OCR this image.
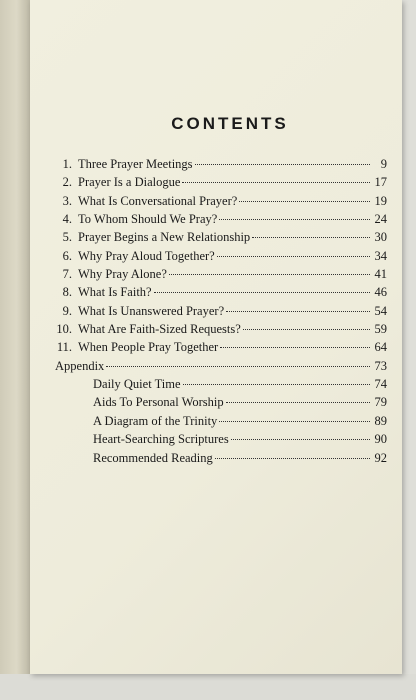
CONTENTS
1. Three Prayer Meetings	9
2. Prayer Is a Dialogue	17
3. What Is Conversational Prayer?	19
4. To Whom Should We Pray?	24
5. Prayer Begins a New Relationship	30
6. Why Pray Aloud Together?	34
7. Why Pray Alone?	41
8. What Is Faith?	46
9. What Is Unanswered Prayer?	54
10. What Are Faith-Sized Requests?	59
11. When People Pray Together	64
Appendix	73
Daily Quiet Time	74
Aids To Personal Worship	79
A Diagram of the Trinity	89
Heart-Searching Scriptures	90
Recommended Reading	92
